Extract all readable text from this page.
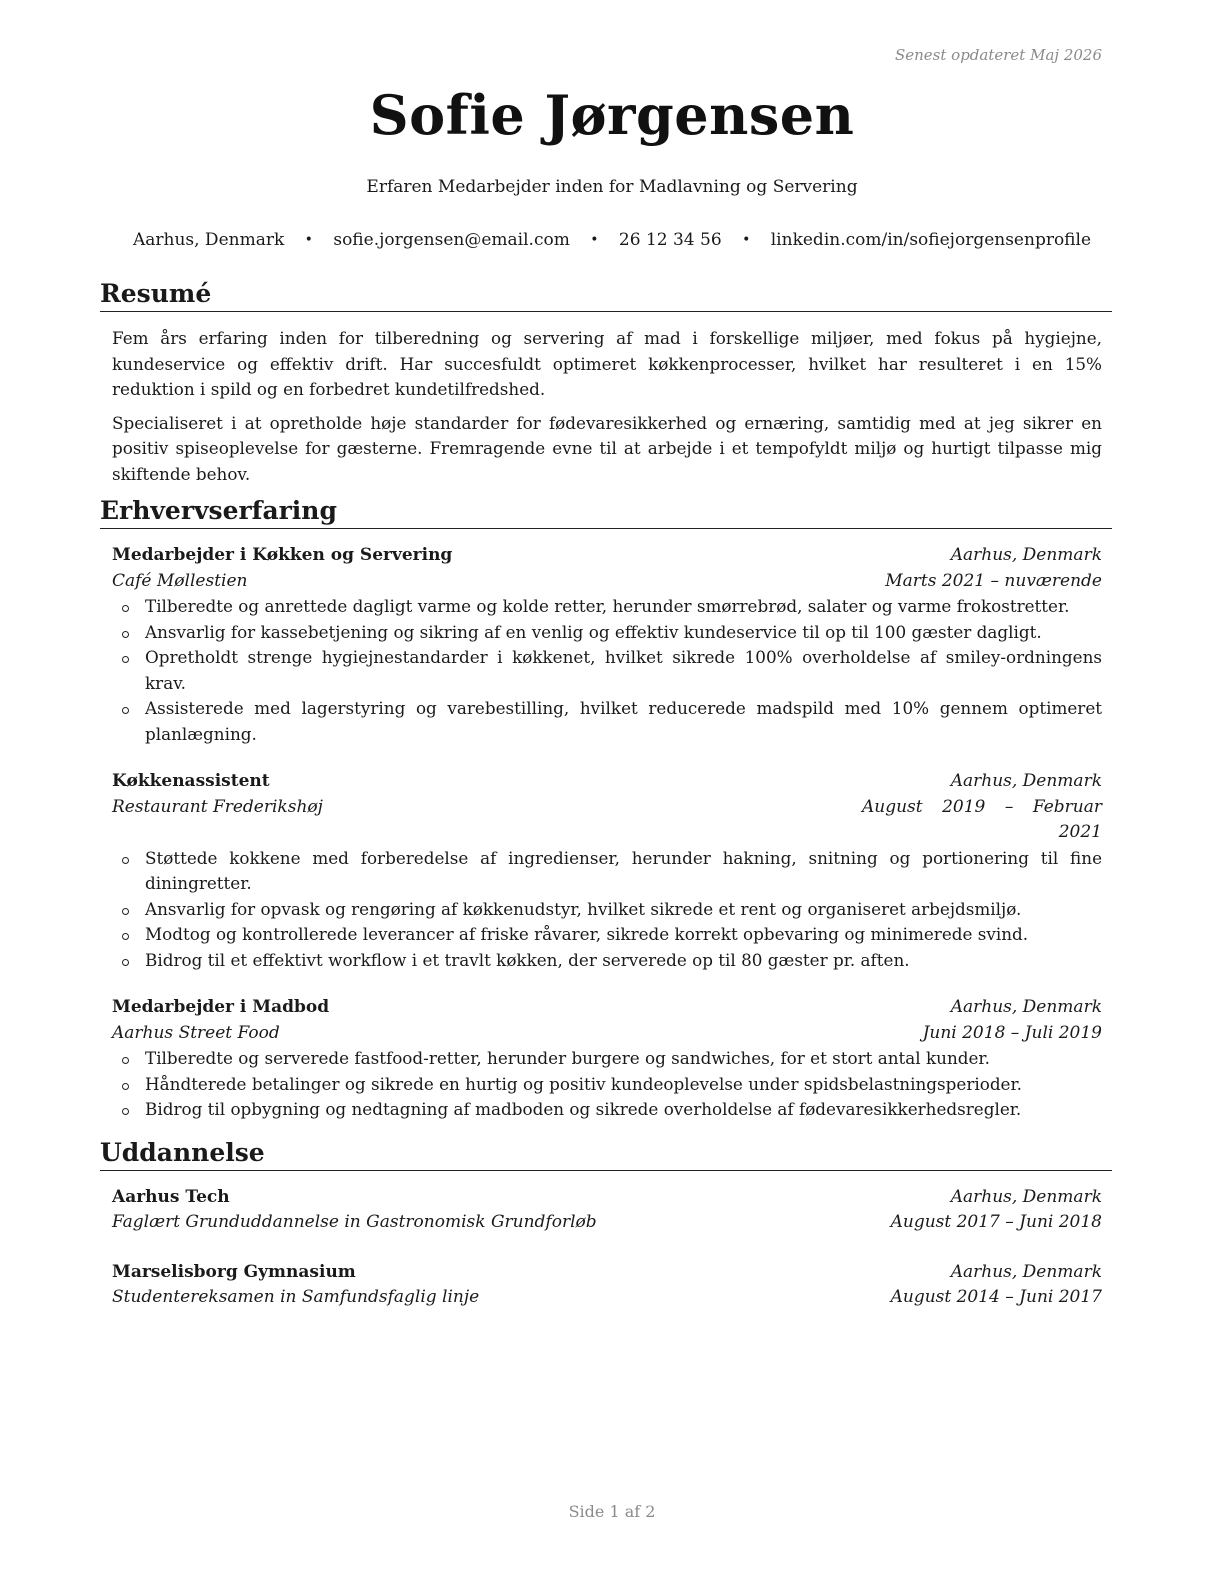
Senest opdateret Maj 2026
Sofie Jørgensen
Erfaren Medarbejder inden for Madlavning og Servering
Aarhus, Denmark • sofie.jorgensen@email.com • 26 12 34 56 • linkedin.com/in/sofiejorgensenprofile
Resumé

Fem års erfaring inden for tilberedning og servering af mad i forskellige miljøer, med fokus på hygiejne, kundeservice og effektiv drift. Har succesfuldt optimeret køkkenprocesser, hvilket har resulteret i en 15% reduktion i spild og en forbedret kundetilfredshed.

Specialiseret i at opretholde høje standarder for fødevaresikkerhed og ernæring, samtidig med at jeg sikrer en positiv spiseoplevelse for gæsterne. Fremragende evne til at arbejde i et tempofyldt miljø og hurtigt tilpasse mig skiftende behov.

Erhvervserfaring
Medarbejder i Køkken og Servering	Aarhus, Denmark
Café Møllestien	Marts 2021 – nuværende
Tilberedte og anrettede dagligt varme og kolde retter, herunder smørrebrød, salater og varme frokostretter.
Ansvarlig for kassebetjening og sikring af en venlig og effektiv kundeservice til op til 100 gæster dagligt.
Opretholdt strenge hygiejnestandarder i køkkenet, hvilket sikrede 100% overholdelse af smiley-ordningens krav.
Assisterede med lagerstyring og varebestilling, hvilket reducerede madspild med 10% gennem optimeret planlægning.
Køkkenassistent	Aarhus, Denmark
Restaurant Frederikshøj	August 2019 – Februar 2021
Støttede kokkene med forberedelse af ingredienser, herunder hakning, snitning og portionering til fine diningretter.
Ansvarlig for opvask og rengøring af køkkenudstyr, hvilket sikrede et rent og organiseret arbejdsmiljø.
Modtog og kontrollerede leverancer af friske råvarer, sikrede korrekt opbevaring og minimerede svind.
Bidrog til et effektivt workflow i et travlt køkken, der serverede op til 80 gæster pr. aften.
Medarbejder i Madbod	Aarhus, Denmark
Aarhus Street Food	Juni 2018 – Juli 2019
Tilberedte og serverede fastfood-retter, herunder burgere og sandwiches, for et stort antal kunder.
Håndterede betalinger og sikrede en hurtig og positiv kundeoplevelse under spidsbelastningsperioder.
Bidrog til opbygning og nedtagning af madboden og sikrede overholdelse af fødevaresikkerhedsregler.
Uddannelse
Aarhus Tech	Aarhus, Denmark
Faglært Grunduddannelse in Gastronomisk Grundforløb	August 2017 – Juni 2018
Marselisborg Gymnasium	Aarhus, Denmark
Studentereksamen in Samfundsfaglig linje	August 2014 – Juni 2017
Side 1 af 2
